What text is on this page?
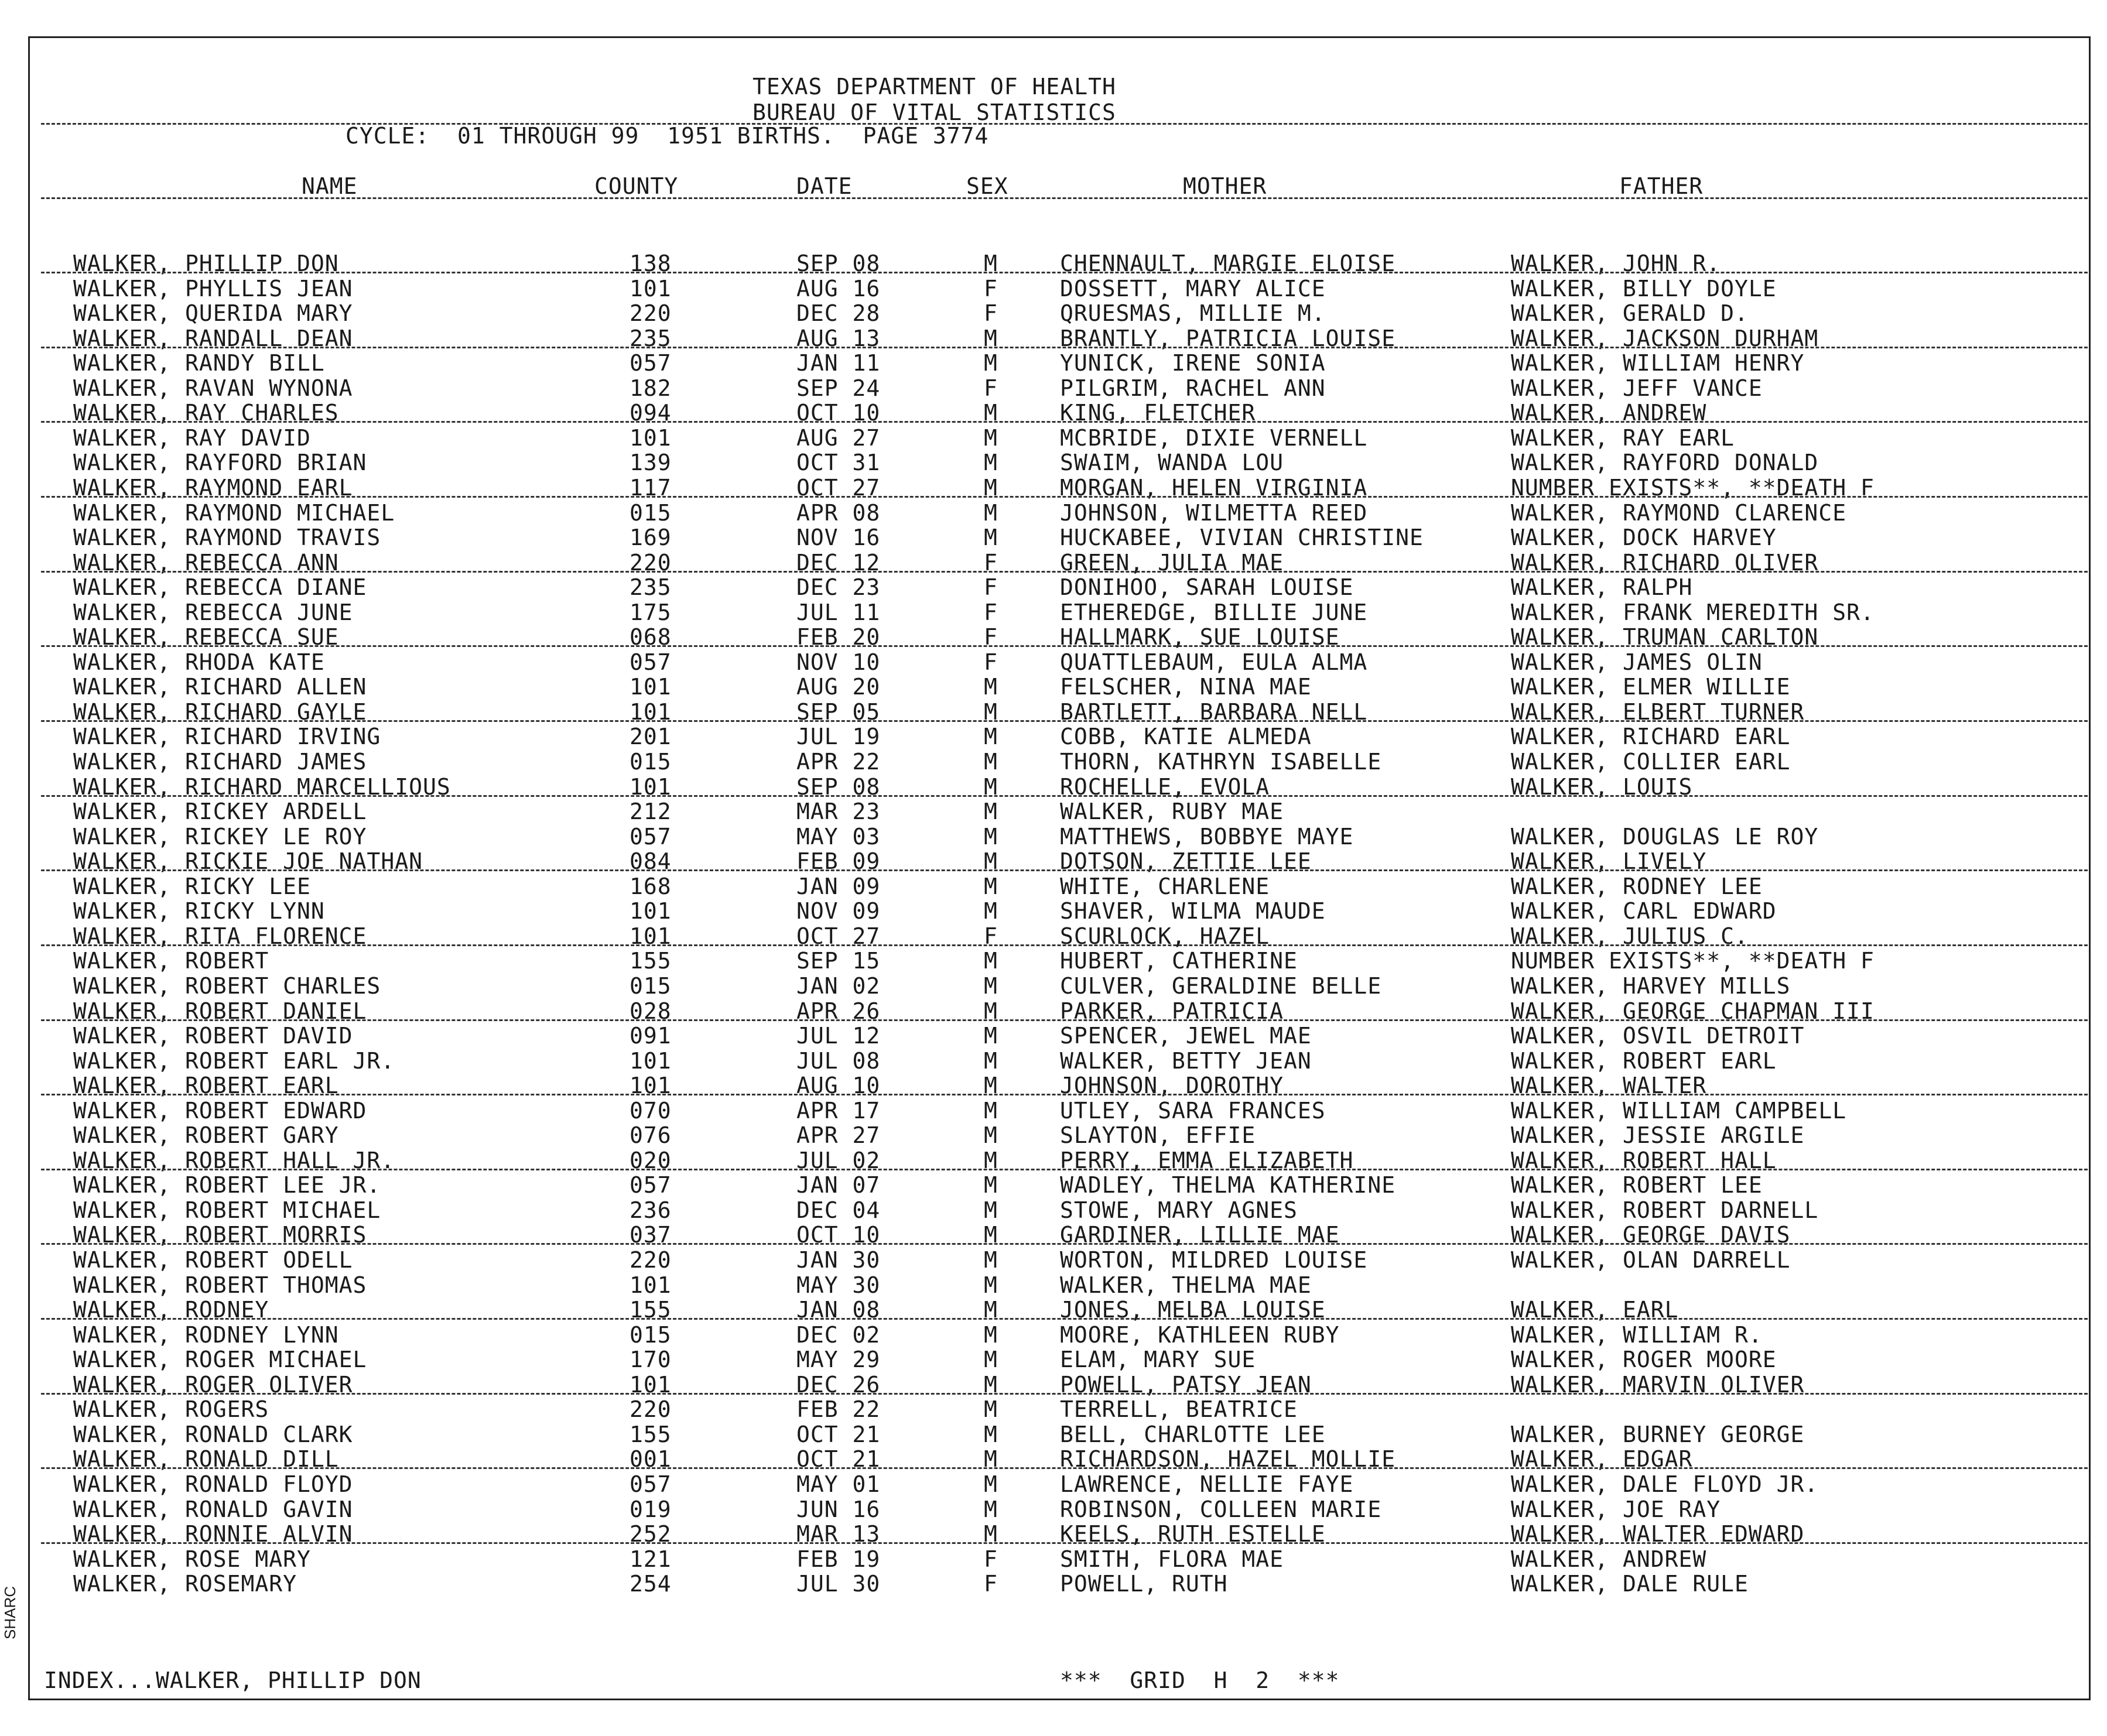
TEXAS DEPARTMENT OF HEALTH
BUREAU OF VITAL STATISTICS
CYCLE:  01 THROUGH 99  1951 BIRTHS.  PAGE 3774
NAME	COUNTY	DATE	SEX	MOTHER	FATHER
WALKER, PHILLIP DON	138	SEP 08	M	CHENNAULT, MARGIE ELOISE	WALKER, JOHN R.
WALKER, PHYLLIS JEAN	101	AUG 16	F	DOSSETT, MARY ALICE	WALKER, BILLY DOYLE
WALKER, QUERIDA MARY	220	DEC 28	F	QRUESMAS, MILLIE M.	WALKER, GERALD D.
WALKER, RANDALL DEAN	235	AUG 13	M	BRANTLY, PATRICIA LOUISE	WALKER, JACKSON DURHAM
WALKER, RANDY BILL	057	JAN 11	M	YUNICK, IRENE SONIA	WALKER, WILLIAM HENRY
WALKER, RAVAN WYNONA	182	SEP 24	F	PILGRIM, RACHEL ANN	WALKER, JEFF VANCE
WALKER, RAY CHARLES	094	OCT 10	M	KING, FLETCHER	WALKER, ANDREW
WALKER, RAY DAVID	101	AUG 27	M	MCBRIDE, DIXIE VERNELL	WALKER, RAY EARL
WALKER, RAYFORD BRIAN	139	OCT 31	M	SWAIM, WANDA LOU	WALKER, RAYFORD DONALD
WALKER, RAYMOND EARL	117	OCT 27	M	MORGAN, HELEN VIRGINIA	NUMBER EXISTS**, **DEATH F
WALKER, RAYMOND MICHAEL	015	APR 08	M	JOHNSON, WILMETTA REED	WALKER, RAYMOND CLARENCE
WALKER, RAYMOND TRAVIS	169	NOV 16	M	HUCKABEE, VIVIAN CHRISTINE	WALKER, DOCK HARVEY
WALKER, REBECCA ANN	220	DEC 12	F	GREEN, JULIA MAE	WALKER, RICHARD OLIVER
WALKER, REBECCA DIANE	235	DEC 23	F	DONIHOO, SARAH LOUISE	WALKER, RALPH
WALKER, REBECCA JUNE	175	JUL 11	F	ETHEREDGE, BILLIE JUNE	WALKER, FRANK MEREDITH SR.
WALKER, REBECCA SUE	068	FEB 20	F	HALLMARK, SUE LOUISE	WALKER, TRUMAN CARLTON
WALKER, RHODA KATE	057	NOV 10	F	QUATTLEBAUM, EULA ALMA	WALKER, JAMES OLIN
WALKER, RICHARD ALLEN	101	AUG 20	M	FELSCHER, NINA MAE	WALKER, ELMER WILLIE
WALKER, RICHARD GAYLE	101	SEP 05	M	BARTLETT, BARBARA NELL	WALKER, ELBERT TURNER
WALKER, RICHARD IRVING	201	JUL 19	M	COBB, KATIE ALMEDA	WALKER, RICHARD EARL
WALKER, RICHARD JAMES	015	APR 22	M	THORN, KATHRYN ISABELLE	WALKER, COLLIER EARL
WALKER, RICHARD MARCELLIOUS	101	SEP 08	M	ROCHELLE, EVOLA	WALKER, LOUIS
WALKER, RICKEY ARDELL	212	MAR 23	M	WALKER, RUBY MAE
WALKER, RICKEY LE ROY	057	MAY 03	M	MATTHEWS, BOBBYE MAYE	WALKER, DOUGLAS LE ROY
WALKER, RICKIE JOE NATHAN	084	FEB 09	M	DOTSON, ZETTIE LEE	WALKER, LIVELY
WALKER, RICKY LEE	168	JAN 09	M	WHITE, CHARLENE	WALKER, RODNEY LEE
WALKER, RICKY LYNN	101	NOV 09	M	SHAVER, WILMA MAUDE	WALKER, CARL EDWARD
WALKER, RITA FLORENCE	101	OCT 27	F	SCURLOCK, HAZEL	WALKER, JULIUS C.
WALKER, ROBERT	155	SEP 15	M	HUBERT, CATHERINE	NUMBER EXISTS**, **DEATH F
WALKER, ROBERT CHARLES	015	JAN 02	M	CULVER, GERALDINE BELLE	WALKER, HARVEY MILLS
WALKER, ROBERT DANIEL	028	APR 26	M	PARKER, PATRICIA	WALKER, GEORGE CHAPMAN III
WALKER, ROBERT DAVID	091	JUL 12	M	SPENCER, JEWEL MAE	WALKER, OSVIL DETROIT
WALKER, ROBERT EARL JR.	101	JUL 08	M	WALKER, BETTY JEAN	WALKER, ROBERT EARL
WALKER, ROBERT EARL	101	AUG 10	M	JOHNSON, DOROTHY	WALKER, WALTER
WALKER, ROBERT EDWARD	070	APR 17	M	UTLEY, SARA FRANCES	WALKER, WILLIAM CAMPBELL
WALKER, ROBERT GARY	076	APR 27	M	SLAYTON, EFFIE	WALKER, JESSIE ARGILE
WALKER, ROBERT HALL JR.	020	JUL 02	M	PERRY, EMMA ELIZABETH	WALKER, ROBERT HALL
WALKER, ROBERT LEE JR.	057	JAN 07	M	WADLEY, THELMA KATHERINE	WALKER, ROBERT LEE
WALKER, ROBERT MICHAEL	236	DEC 04	M	STOWE, MARY AGNES	WALKER, ROBERT DARNELL
WALKER, ROBERT MORRIS	037	OCT 10	M	GARDINER, LILLIE MAE	WALKER, GEORGE DAVIS
WALKER, ROBERT ODELL	220	JAN 30	M	WORTON, MILDRED LOUISE	WALKER, OLAN DARRELL
WALKER, ROBERT THOMAS	101	MAY 30	M	WALKER, THELMA MAE
WALKER, RODNEY	155	JAN 08	M	JONES, MELBA LOUISE	WALKER, EARL
WALKER, RODNEY LYNN	015	DEC 02	M	MOORE, KATHLEEN RUBY	WALKER, WILLIAM R.
WALKER, ROGER MICHAEL	170	MAY 29	M	ELAM, MARY SUE	WALKER, ROGER MOORE
WALKER, ROGER OLIVER	101	DEC 26	M	POWELL, PATSY JEAN	WALKER, MARVIN OLIVER
WALKER, ROGERS	220	FEB 22	M	TERRELL, BEATRICE
WALKER, RONALD CLARK	155	OCT 21	M	BELL, CHARLOTTE LEE	WALKER, BURNEY GEORGE
WALKER, RONALD DILL	001	OCT 21	M	RICHARDSON, HAZEL MOLLIE	WALKER, EDGAR
WALKER, RONALD FLOYD	057	MAY 01	M	LAWRENCE, NELLIE FAYE	WALKER, DALE FLOYD JR.
WALKER, RONALD GAVIN	019	JUN 16	M	ROBINSON, COLLEEN MARIE	WALKER, JOE RAY
WALKER, RONNIE ALVIN	252	MAR 13	M	KEELS, RUTH ESTELLE	WALKER, WALTER EDWARD
WALKER, ROSE MARY	121	FEB 19	F	SMITH, FLORA MAE	WALKER, ANDREW
WALKER, ROSEMARY	254	JUL 30	F	POWELL, RUTH	WALKER, DALE RULE
INDEX...WALKER, PHILLIP DON	***  GRID  H  2  ***
SHARC
